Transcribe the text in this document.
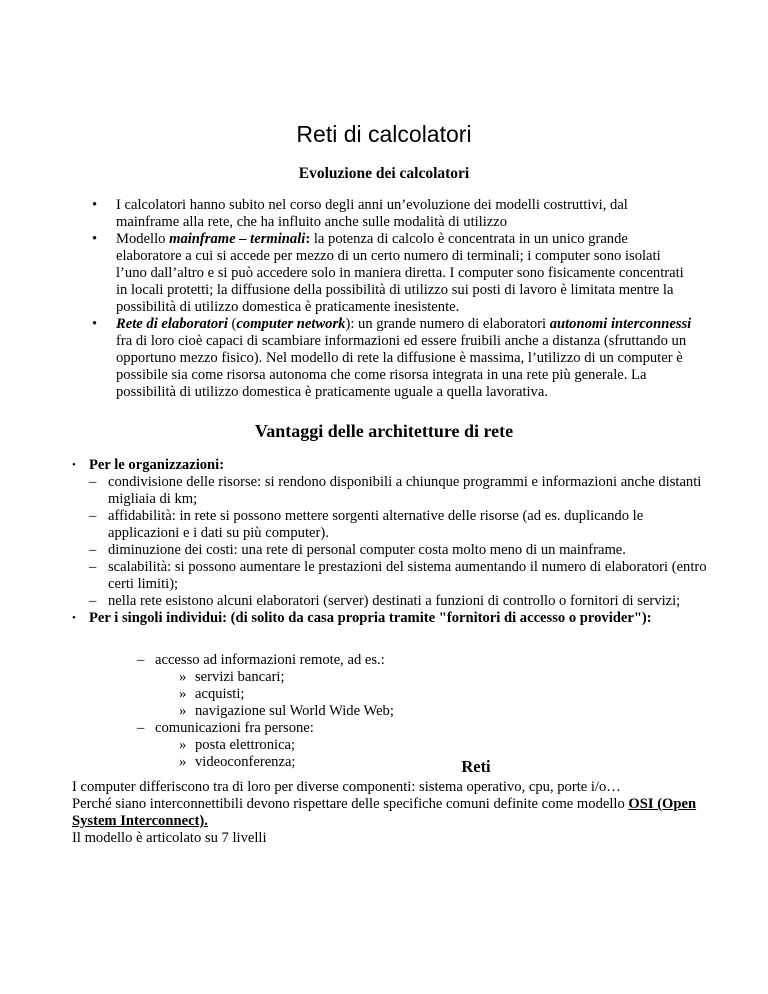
Reti di calcolatori
Evoluzione dei calcolatori
• I calcolatori hanno subito nel corso degli anni un’evoluzione dei modelli costruttivi, dal mainframe alla rete, che ha influito anche sulle modalità di utilizzo
• Modello mainframe – terminali: la potenza di calcolo è concentrata in un unico grande elaboratore a cui si accede per mezzo di un certo numero di terminali; i computer sono isolati l’uno dall’altro e si può accedere solo in maniera diretta. I computer sono fisicamente concentrati in locali protetti; la diffusione della possibilità di utilizzo sui posti di lavoro è limitata mentre la possibilità di utilizzo domestica è praticamente inesistente.
• Rete di elaboratori (computer network): un grande numero di elaboratori autonomi interconnessi fra di loro cioè capaci di scambiare informazioni ed essere fruibili anche a distanza (sfruttando un opportuno mezzo fisico). Nel modello di rete la diffusione è massima, l’utilizzo di un computer è possibile sia come risorsa autonoma che come risorsa integrata in una rete più generale. La possibilità di utilizzo domestica è praticamente uguale a quella lavorativa.
Vantaggi delle architetture di rete
• Per le organizzazioni:
– condivisione delle risorse: si rendono disponibili a chiunque programmi e informazioni anche distanti migliaia di km;
– affidabilità: in rete si possono mettere sorgenti alternative delle risorse (ad es. duplicando le applicazioni e i dati su più computer).
– diminuzione dei costi: una rete di personal computer costa molto meno di un mainframe.
– scalabilità: si possono aumentare le prestazioni del sistema aumentando il numero di elaboratori (entro certi limiti);
– nella rete esistono alcuni elaboratori (server) destinati a funzioni di controllo o fornitori di servizi;
• Per i singoli individui: (di solito da casa propria tramite "fornitori di accesso o provider"):
– accesso ad informazioni remote, ad es.:
» servizi bancari;
» acquisti;
» navigazione sul World Wide Web;
– comunicazioni fra persone:
» posta elettronica;
» videoconferenza;	Reti

I computer differiscono tra di loro per diverse componenti: sistema operativo, cpu, porte i/o…

Perché siano interconnettibili devono rispettare delle specifiche comuni definite come modello OSI (Open System Interconnect).

Il modello è articolato su 7 livelli
